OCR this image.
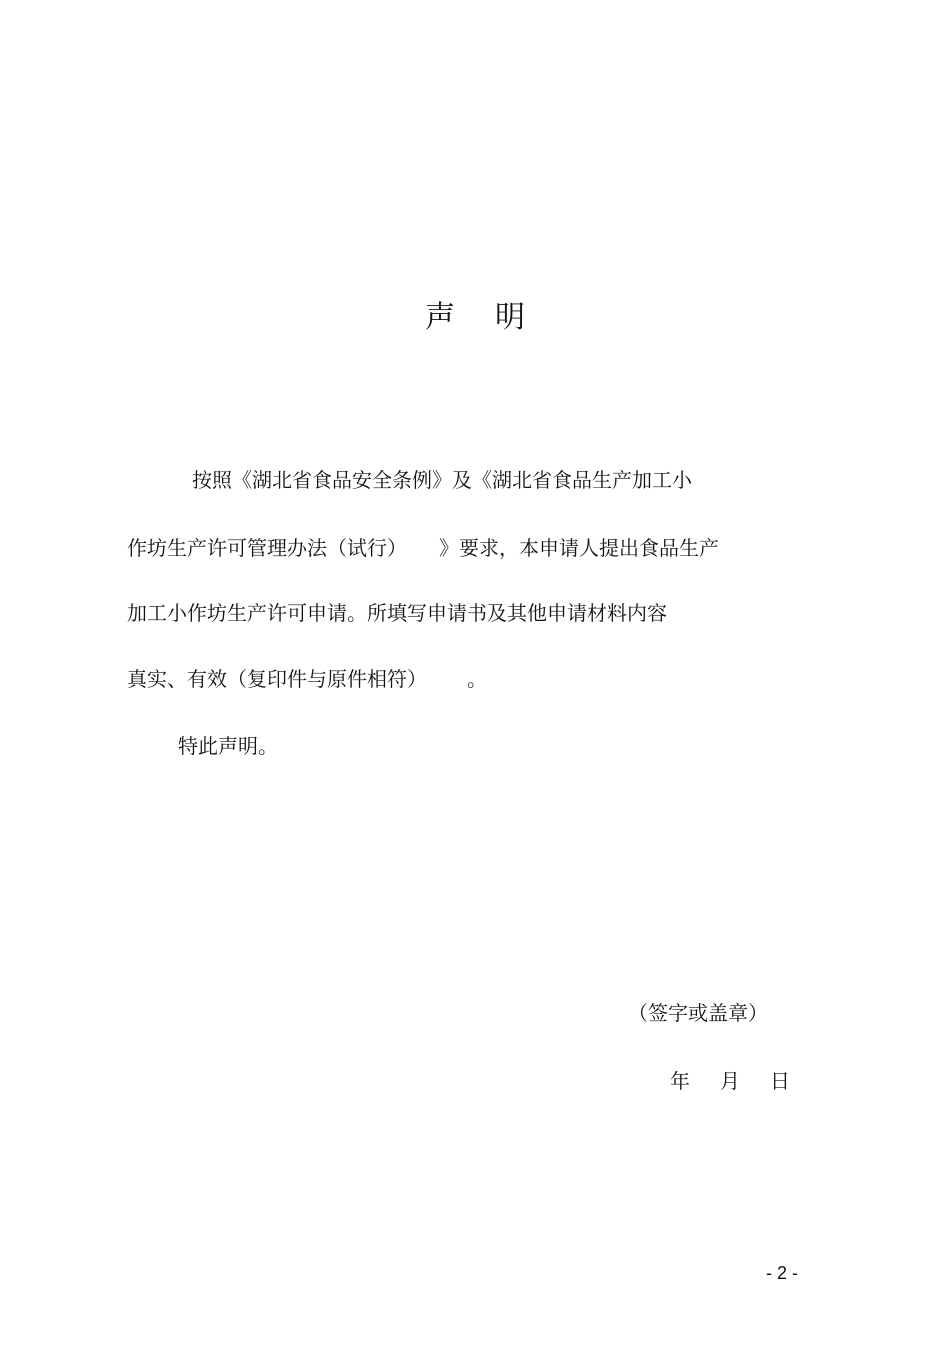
声 明
按照《湖北省食品安全条例》及《湖北省食品生产加工小
作坊生产许可管理办法（试行） 》要求，本申请人提出食品生产
加工小作坊生产许可申请。所填写申请书及其他申请材料内容
真实、有效（复印件与原件相符） 。
特此声明。
（签字或盖章）
年 月 日
- 2 -
